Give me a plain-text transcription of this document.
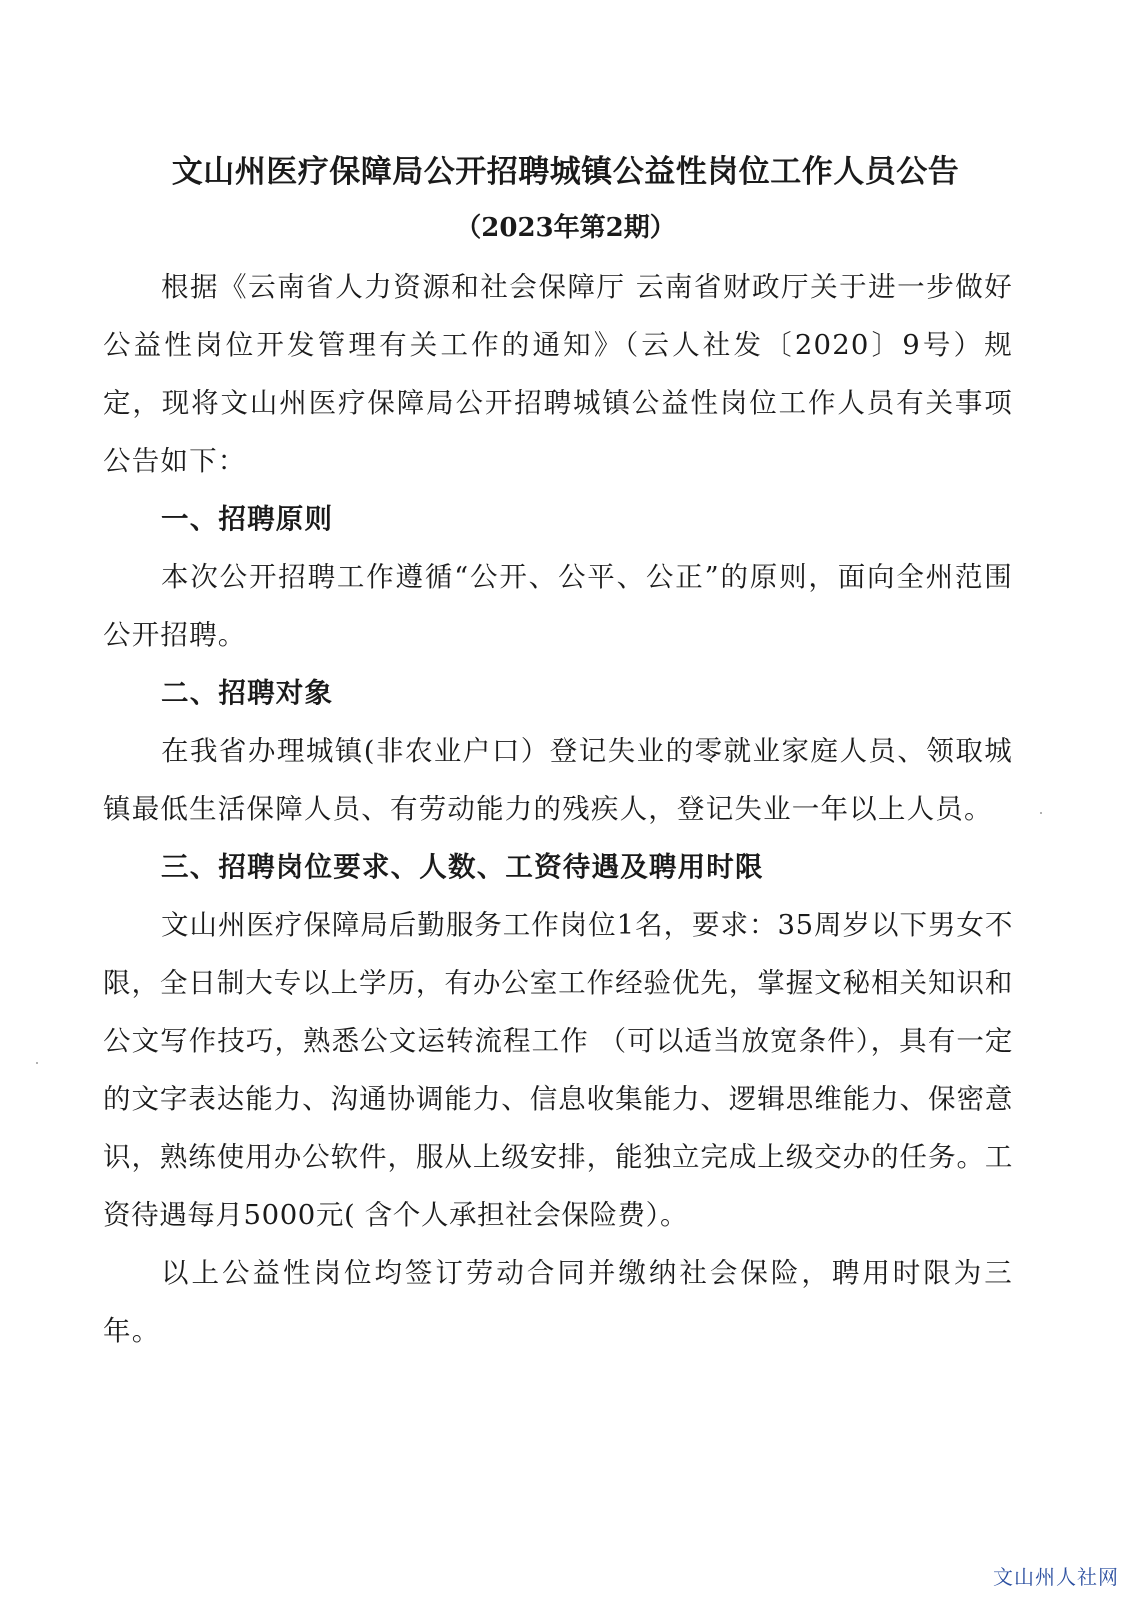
文山州医疗保障局公开招聘城镇公益性岗位工作人员公告
（2023年第2期）

根据《云南省人力资源和社会保障厅 云南省财政厅关于进一步做好公益性岗位开发管理有关工作的通知》（云人社发〔2020〕9号）规定，现将文山州医疗保障局公开招聘城镇公益性岗位工作人员有关事项公告如下：

一、招聘原则

本次公开招聘工作遵循“公开、公平、公正”的原则，面向全州范围公开招聘。

二、招聘对象

在我省办理城镇(非农业户口）登记失业的零就业家庭人员、领取城镇最低生活保障人员、有劳动能力的残疾人，登记失业一年以上人员。

三、招聘岗位要求、人数、工资待遇及聘用时限

文山州医疗保障局后勤服务工作岗位1名，要求：35周岁以下男女不限，全日制大专以上学历，有办公室工作经验优先，掌握文秘相关知识和公文写作技巧，熟悉公文运转流程工作 （可以适当放宽条件），具有一定的文字表达能力、沟通协调能力、信息收集能力、逻辑思维能力、保密意识，熟练使用办公软件，服从上级安排，能独立完成上级交办的任务。工资待遇每月5000元( 含个人承担社会保险费）。

以上公益性岗位均签订劳动合同并缴纳社会保险，聘用时限为三年。

文山州人社网
